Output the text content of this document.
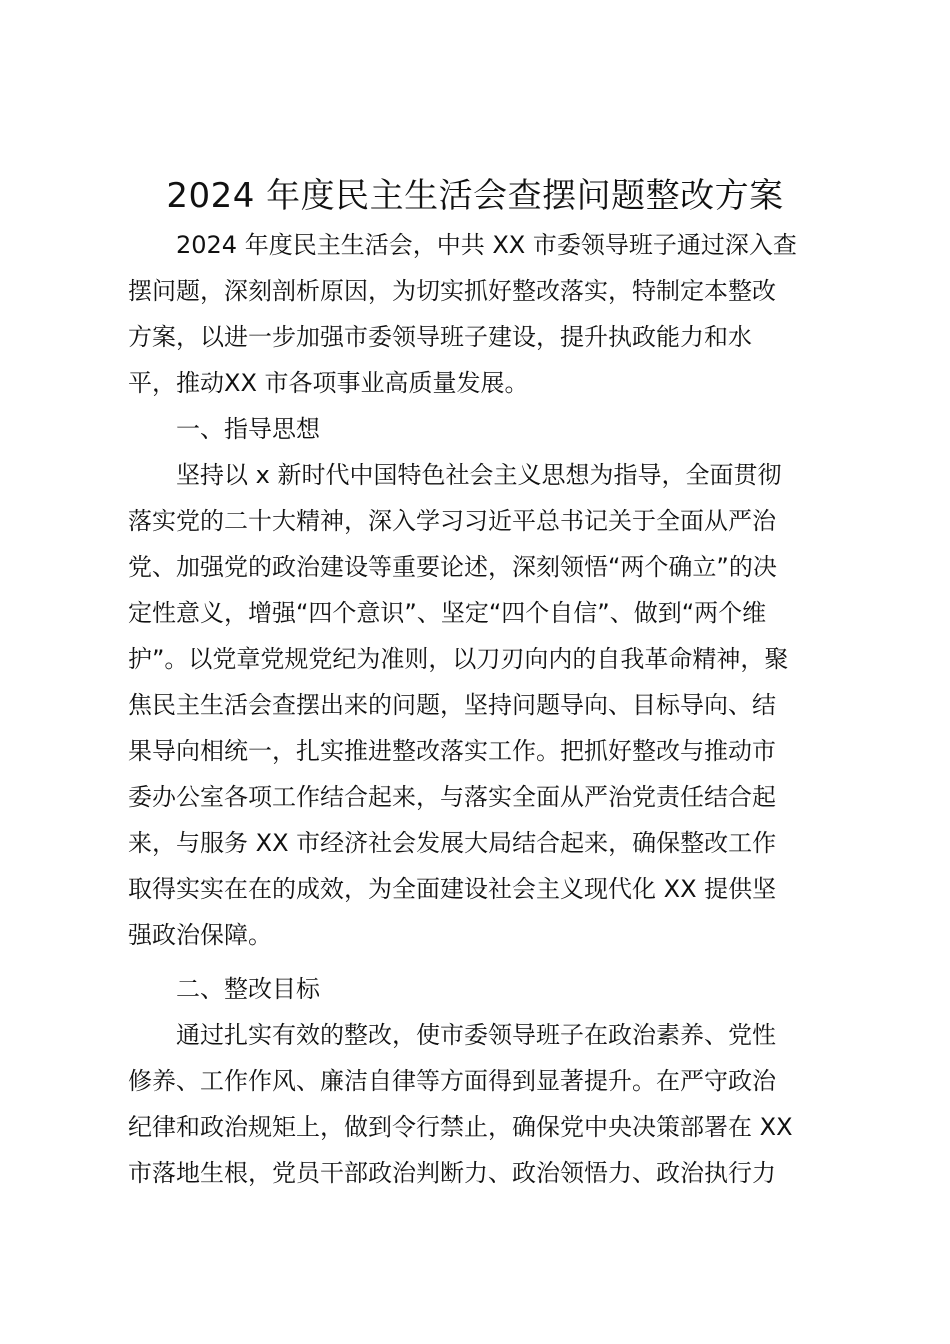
2024 年度民主生活会查摆问题整改方案
2024 年度民主生活会，中共 XX 市委领导班子通过深入查
摆问题，深刻剖析原因，为切实抓好整改落实，特制定本整改
方案，以进一步加强市委领导班子建设，提升执政能力和水
平，推动XX 市各项事业高质量发展。
一、指导思想
坚持以 x 新时代中国特色社会主义思想为指导，全面贯彻
落实党的二十大精神，深入学习习近平总书记关于全面从严治
党、加强党的政治建设等重要论述，深刻领悟“两个确立”的决
定性意义，增强“四个意识”、坚定“四个自信”、做到“两个维
护”。以党章党规党纪为准则，以刀刃向内的自我革命精神，聚
焦民主生活会查摆出来的问题，坚持问题导向、目标导向、结
果导向相统一，扎实推进整改落实工作。把抓好整改与推动市
委办公室各项工作结合起来，与落实全面从严治党责任结合起
来，与服务 XX 市经济社会发展大局结合起来，确保整改工作
取得实实在在的成效，为全面建设社会主义现代化 XX 提供坚
强政治保障。
二、整改目标
通过扎实有效的整改，使市委领导班子在政治素养、党性
修养、工作作风、廉洁自律等方面得到显著提升。在严守政治
纪律和政治规矩上，做到令行禁止，确保党中央决策部署在 XX
市落地生根，党员干部政治判断力、政治领悟力、政治执行力
